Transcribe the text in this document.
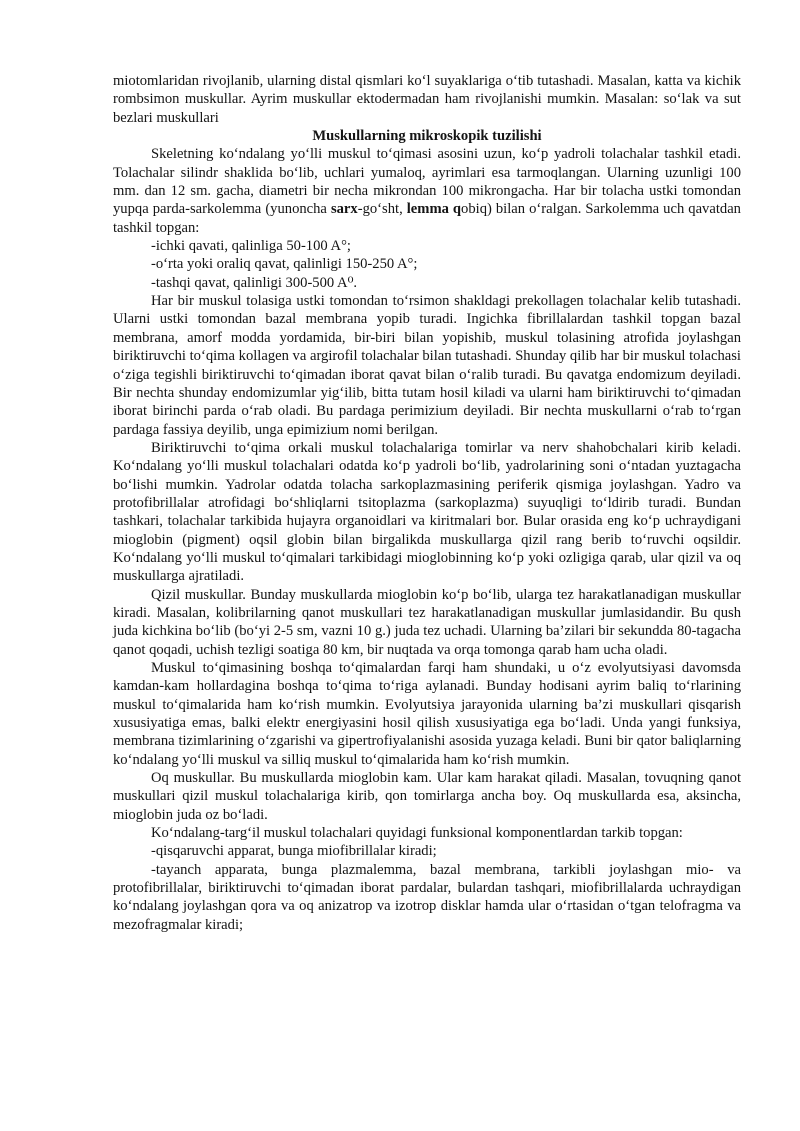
miotomlaridan rivojlanib, ularning distal qismlari ko‘l suyaklariga o‘tib tutashadi. Masalan, katta va kichik rombsimon muskullar. Ayrim muskullar ektodermadan ham rivojlanishi mumkin. Masalan: so‘lak va sut bezlari muskullari

Muskullarning mikroskopik tuzilishi

Skeletning ko‘ndalang yo‘lli muskul to‘qimasi asosini uzun, ko‘p yadroli tolachalar tashkil etadi. Tolachalar silindr shaklida bo‘lib, uchlari yumaloq, ayrimlari esa tarmoqlangan. Ularning uzunligi 100 mm. dan 12 sm. gacha, diametri bir necha mikrondan 100 mikrongacha. Har bir tolacha ustki tomondan yupqa parda-sarkolemma (yunoncha sarx-go‘sht, lemma qobiq) bilan o‘ralgan. Sarkolemma uch qavatdan tashkil topgan:

-ichki qavati, qalinliga 50-100 A°;

-o‘rta yoki oraliq qavat, qalinligi 150-250 A°;

-tashqi qavat, qalinligi 300-500 A⁰.

Har bir muskul tolasiga ustki tomondan to‘rsimon shakldagi prekollagen tolachalar kelib tutashadi. Ularni ustki tomondan bazal membrana yopib turadi. Ingichka fibrillalardan tashkil topgan bazal membrana, amorf modda yordamida, bir-biri bilan yopishib, muskul tolasining atrofida joylashgan biriktiruvchi to‘qima kollagen va argirofil tolachalar bilan tutashadi. Shunday qilib har bir muskul tolachasi o‘ziga tegishli biriktiruvchi to‘qimadan iborat qavat bilan o‘ralib turadi. Bu qavatga endomizum deyiladi. Bir nechta shunday endomizumlar yig‘ilib, bitta tutam hosil kiladi va ularni ham biriktiruvchi to‘qimadan iborat birinchi parda o‘rab oladi. Bu pardaga perimizium deyiladi. Bir nechta muskullarni o‘rab to‘rgan pardaga fassiya deyilib, unga epimizium nomi berilgan.

Biriktiruvchi to‘qima orkali muskul tolachalariga tomirlar va nerv shahobchalari kirib keladi. Ko‘ndalang yo‘lli muskul tolachalari odatda ko‘p yadroli bo‘lib, yadrolarining soni o‘ntadan yuztagacha bo‘lishi mumkin. Yadrolar odatda tolacha sarkoplazmasining periferik qismiga joylashgan. Yadro va protofibrillalar atrofidagi bo‘shliqlarni tsitoplazma (sarkoplazma) suyuqligi to‘ldirib turadi. Bundan tashkari, tolachalar tarkibida hujayra organoidlari va kiritmalari bor. Bular orasida eng ko‘p uchraydigani mioglobin (pigment) oqsil globin bilan birgalikda muskullarga qizil rang berib to‘ruvchi oqsildir. Ko‘ndalang yo‘lli muskul to‘qimalari tarkibidagi mioglobinning ko‘p yoki ozligiga qarab, ular qizil va oq muskullarga ajratiladi.

Qizil muskullar. Bunday muskullarda mioglobin ko‘p bo‘lib, ularga tez harakatlanadigan muskullar kiradi. Masalan, kolibrilarning qanot muskullari tez harakatlanadigan muskullar jumlasidandir. Bu qush juda kichkina bo‘lib (bo‘yi 2-5 sm, vazni 10 g.) juda tez uchadi. Ularning ba’zilari bir sekundda 80-tagacha qanot qoqadi, uchish tezligi soatiga 80 km, bir nuqtada va orqa tomonga qarab ham ucha oladi.

Muskul to‘qimasining boshqa to‘qimalardan farqi ham shundaki, u o‘z evolyutsiyasi davomsda kamdan-kam hollardagina boshqa to‘qima to‘riga aylanadi. Bunday hodisani ayrim baliq to‘rlarining muskul to‘qimalarida ham ko‘rish mumkin. Evolyutsiya jarayonida ularning ba’zi muskullari qisqarish xususiyatiga emas, balki elektr energiyasini hosil qilish xususiyatiga ega bo‘ladi. Unda yangi funksiya, membrana tizimlarining o‘zgarishi va gipertrofiyalanishi asosida yuzaga keladi. Buni bir qator baliqlarning ko‘ndalang yo‘lli muskul va silliq muskul to‘qimalarida ham ko‘rish mumkin.

Oq muskullar. Bu muskullarda mioglobin kam. Ular kam harakat qiladi. Masalan, tovuqning qanot muskullari qizil muskul tolachalariga kirib, qon tomirlarga ancha boy. Oq muskullarda esa, aksincha, mioglobin juda oz bo‘ladi.

Ko‘ndalang-targ‘il muskul tolachalari quyidagi funksional komponentlardan tarkib topgan:

-qisqaruvchi apparat, bunga miofibrillalar kiradi;

-tayanch apparata, bunga plazmalemma, bazal membrana, tarkibli joylashgan mio- va protofibrillalar, biriktiruvchi to‘qimadan iborat pardalar, bulardan tashqari, miofibrillalarda uchraydigan ko‘ndalang joylashgan qora va oq anizatrop va izotrop disklar hamda ular o‘rtasidan o‘tgan telofragma va mezofragmalar kiradi;
